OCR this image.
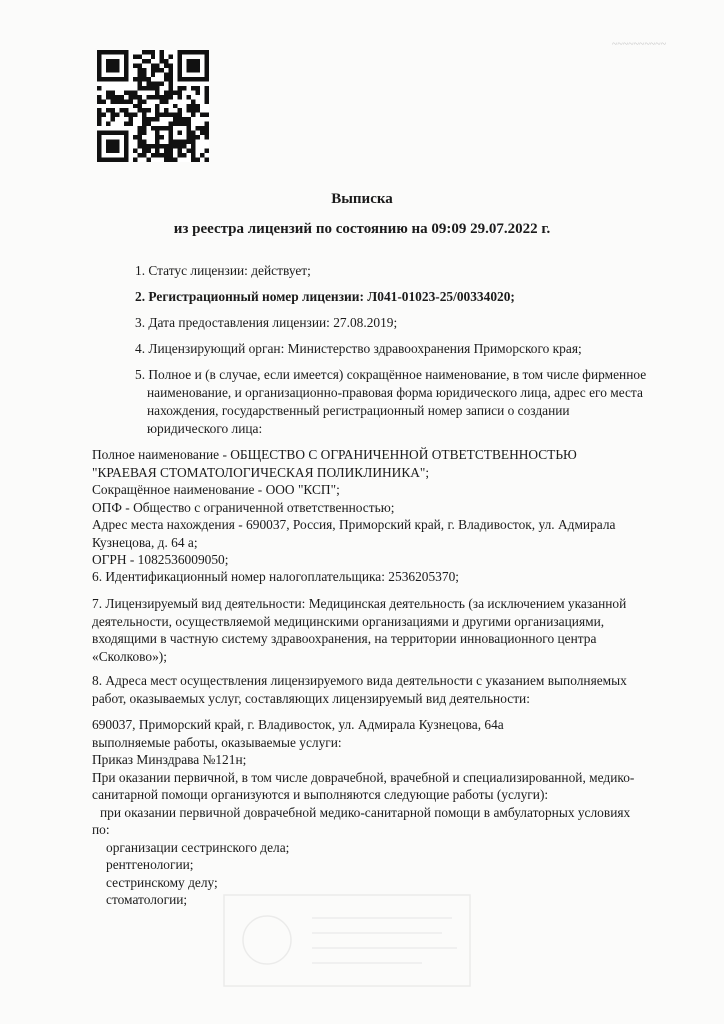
~~~~~~~~~~
Выписка
из реестра лицензий по состоянию на 09:09 29.07.2022 г.
1. Статус лицензии: действует;
2. Регистрационный номер лицензии: Л041-01023-25/00334020;
3. Дата предоставления лицензии: 27.08.2019;
4. Лицензирующий орган: Министерство здравоохранения Приморского края;
5. Полное и (в случае, если имеется) сокращённое наименование, в том числе фирменное
наименование, и организационно-правовая форма юридического лица, адрес его места
нахождения, государственный регистрационный номер записи о создании
юридического лица:
Полное наименование - ОБЩЕСТВО С ОГРАНИЧЕННОЙ ОТВЕТСТВЕННОСТЬЮ
"КРАЕВАЯ СТОМАТОЛОГИЧЕСКАЯ ПОЛИКЛИНИКА";
Сокращённое наименование - ООО "КСП";
ОПФ - Общество с ограниченной ответственностью;
Адрес места нахождения - 690037, Россия, Приморский край, г. Владивосток, ул. Адмирала
Кузнецова, д. 64 а;
ОГРН - 1082536009050;
6. Идентификационный номер налогоплательщика: 2536205370;
7. Лицензируемый вид деятельности: Медицинская деятельность (за исключением указанной
деятельности, осуществляемой медицинскими организациями и другими организациями,
входящими в частную систему здравоохранения, на территории инновационного центра
«Сколково»);
8. Адреса мест осуществления лицензируемого вида деятельности с указанием выполняемых
работ, оказываемых услуг, составляющих лицензируемый вид деятельности:
690037, Приморский край, г. Владивосток, ул. Адмирала Кузнецова, 64а
выполняемые работы, оказываемые услуги:
Приказ Минздрава №121н;
При оказании первичной, в том числе доврачебной, врачебной и специализированной, медико-
санитарной помощи организуются и выполняются следующие работы (услуги):
при оказании первичной доврачебной медико-санитарной помощи в амбулаторных условиях
по:
организации сестринского дела;
рентгенологии;
сестринскому делу;
стоматологии;
